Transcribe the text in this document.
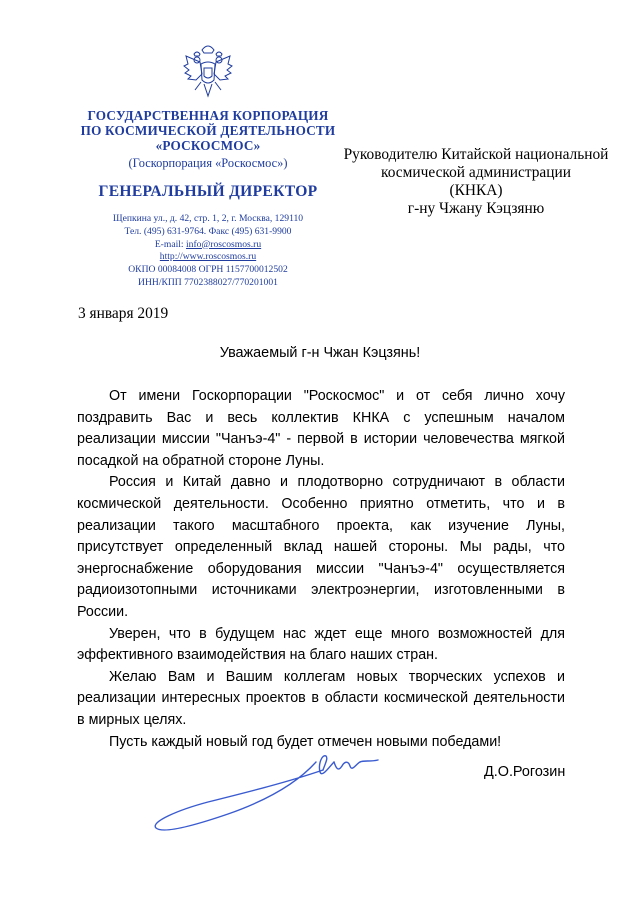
ГОСУДАРСТВЕННАЯ КОРПОРАЦИЯ
ПО КОСМИЧЕСКОЙ ДЕЯТЕЛЬНОСТИ
«РОСКОСМОС»
(Госкорпорация «Роскосмос»)
ГЕНЕРАЛЬНЫЙ ДИРЕКТОР
Щепкина ул., д. 42, стр. 1, 2, г. Москва, 129110
Тел. (495) 631-9764. Факс (495) 631-9900
E-mail: info@roscosmos.ru
http://www.roscosmos.ru
ОКПО 00084008 ОГРН 1157700012502
ИНН/КПП 7702388027/770201001
Руководителю Китайской национальной
космической администрации
(КНКА)
г-ну Чжану Кэцзяню
3 января 2019
Уважаемый г-н Чжан Кэцзянь!

От имени Госкорпорации "Роскосмос" и от себя лично хочу поздравить Вас и весь коллектив КНКА с успешным началом реализации миссии "Чанъэ-4" - первой в истории человечества мягкой посадкой на обратной стороне Луны.

Россия и Китай давно и плодотворно сотрудничают в области космической деятельности. Особенно приятно отметить, что и в реализации такого масштабного проекта, как изучение Луны, присутствует определенный вклад нашей стороны. Мы рады, что энергоснабжение оборудования миссии "Чанъэ-4" осуществляется радиоизотопными источниками электроэнергии, изготовленными в России.

Уверен, что в будущем нас ждет еще много возможностей для эффективного взаимодействия на благо наших стран.

Желаю Вам и Вашим коллегам новых творческих успехов и реализации интересных проектов в области космической деятельности в мирных целях.

Пусть каждый новый год будет отмечен новыми победами!

Д.О.Рогозин
